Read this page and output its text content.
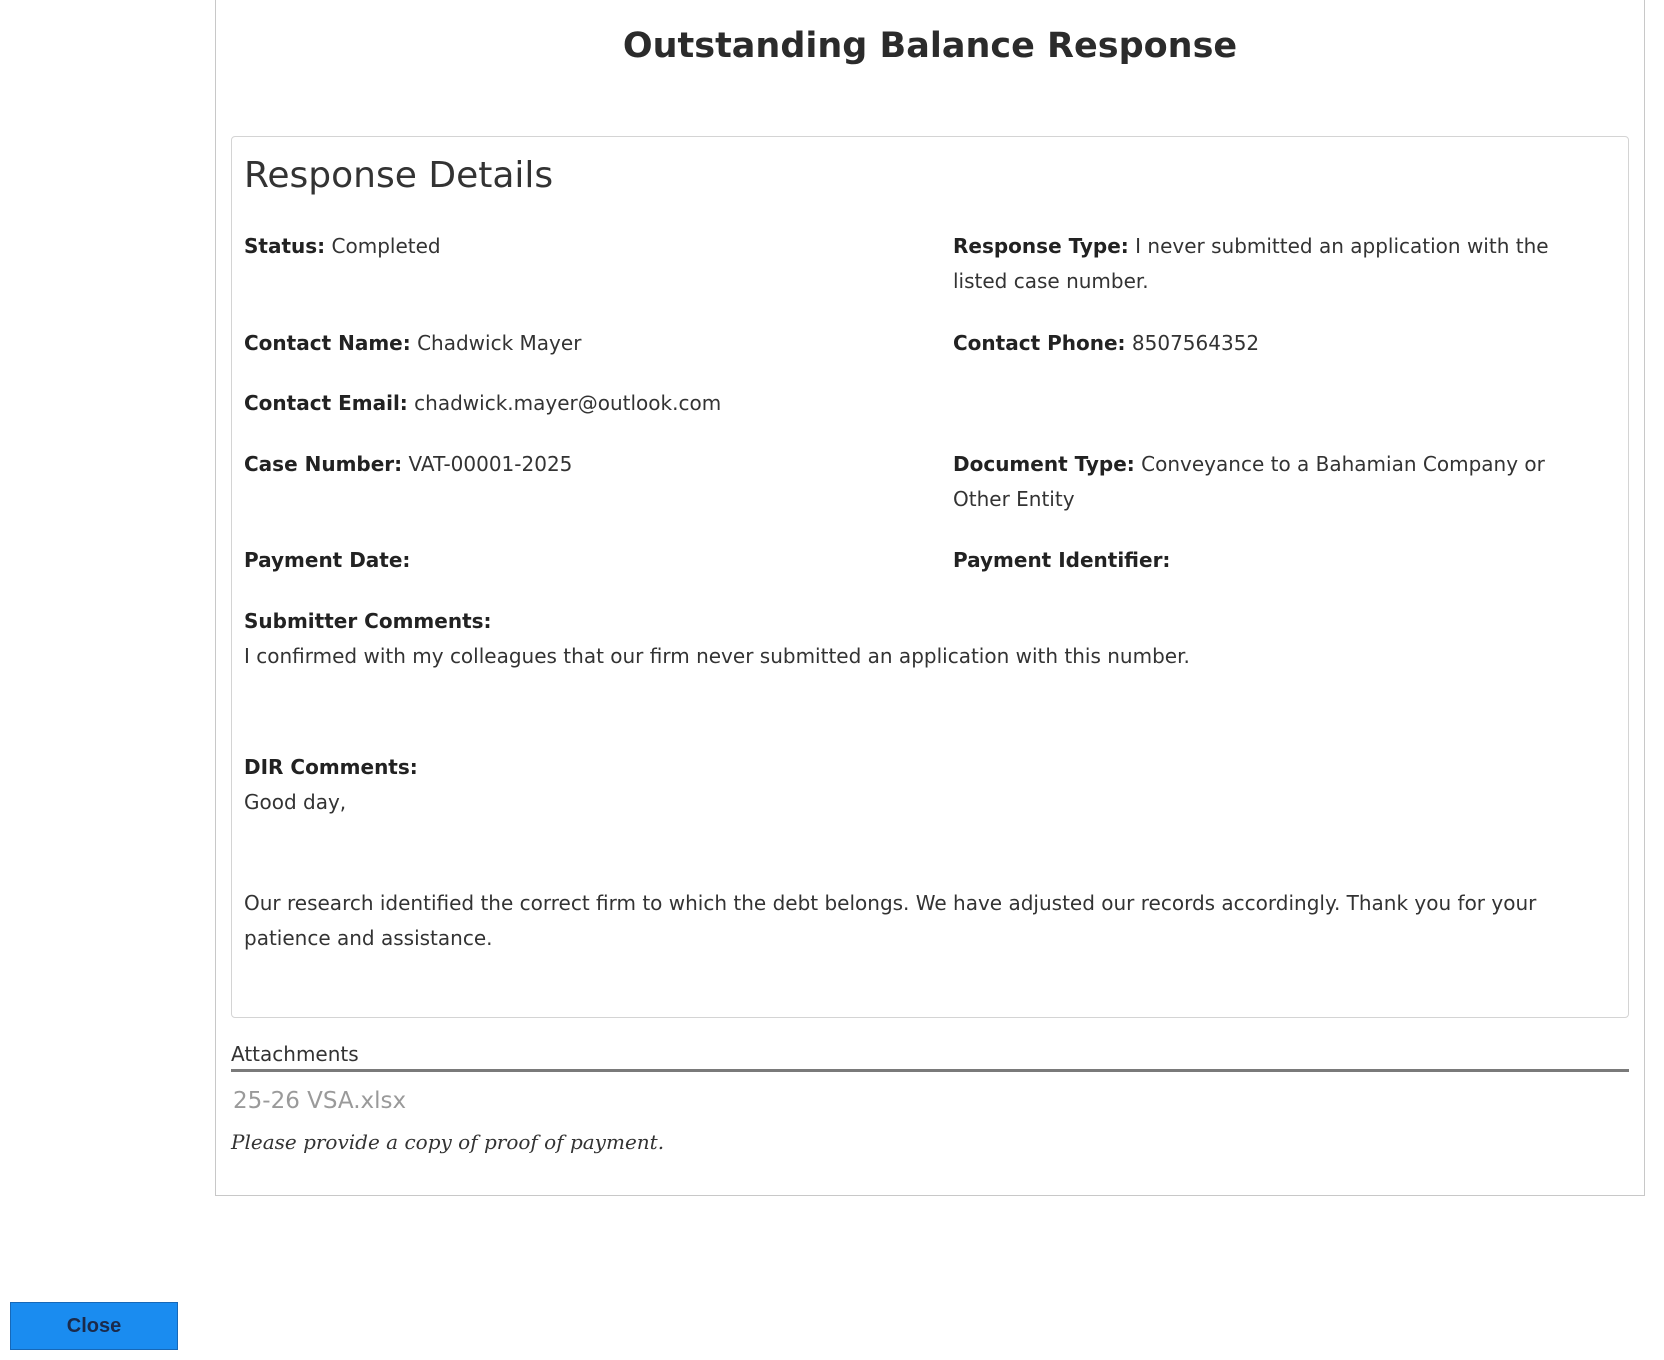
Outstanding Balance Response
Response Details
Status: Completed	Response Type: I never submitted an application with the listed case number.
Contact Name: Chadwick Mayer	Contact Phone: 8507564352
Contact Email: chadwick.mayer@outlook.com
Case Number: VAT-00001-2025	Document Type: Conveyance to a Bahamian Company or Other Entity
Payment Date:	Payment Identifier:
Submitter Comments:

I confirmed with my colleagues that our firm never submitted an application with this number.

DIR Comments:

Good day,

Our research identified the correct firm to which the debt belongs. We have adjusted our records accordingly. Thank you for your patience and assistance.

Attachments
25-26 VSA.xlsx
Please provide a copy of proof of payment.
Close
